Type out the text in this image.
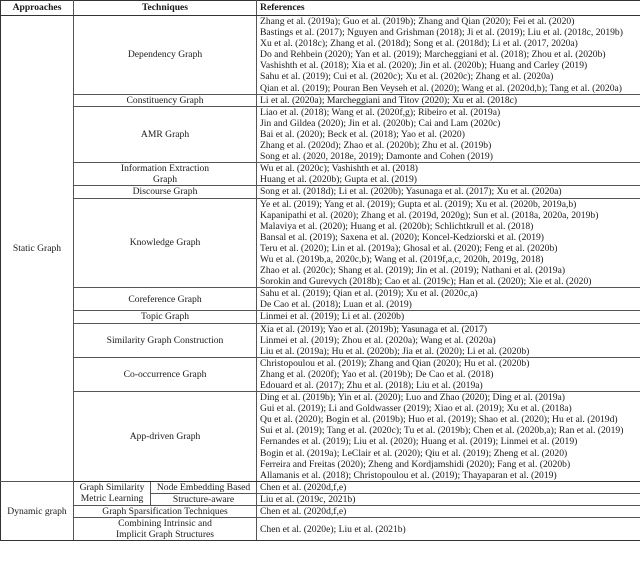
Approaches	Techniques		References
Static Graph	Dependency Graph	
Zhang et al. (2019a); Guo et al. (2019b); Zhang and Qian (2020); Fei et al. (2020)
Bastings et al. (2017); Nguyen and Grishman (2018); Ji et al. (2019); Liu et al. (2018c, 2019b)
Xu et al. (2018c); Zhang et al. (2018d); Song et al. (2018d); Li et al. (2017, 2020a)
Do and Rehbein (2020); Yan et al. (2019); Marcheggiani et al. (2018); Zhou et al. (2020b)
Vashishth et al. (2018); Xia et al. (2020); Jin et al. (2020b); Huang and Carley (2019)
Sahu et al. (2019); Cui et al. (2020c); Xu et al. (2020c); Zhang et al. (2020a)
Qian et al. (2019); Pouran Ben Veyseh et al. (2020); Wang et al. (2020d,b); Tang et al. (2020a)

	Constituency Graph		Li et al. (2020a); Marcheggiani and Titov (2020); Xu et al. (2018c)

	AMR Graph		Liao et al. (2018); Wang et al. (2020f,g); Ribeiro et al. (2019a)
Jin and Gildea (2020); Jin et al. (2020b); Cai and Lam (2020c)
Bai et al. (2020); Beck et al. (2018); Yao et al. (2020)
Zhang et al. (2020d); Zhao et al. (2020b); Zhu et al. (2019b)
Song et al. (2020, 2018e, 2019); Damonte and Cohen (2019)

	Information Extraction
Graph		Wu et al. (2020c); Vashishth et al. (2018)
Huang et al. (2020b); Gupta et al. (2019)

	Discourse Graph		Song et al. (2018d); Li et al. (2020b); Yasunaga et al. (2017); Xu et al. (2020a)

Knowledge Graph	
Ye et al. (2019); Yang et al. (2019); Gupta et al. (2019); Xu et al. (2020b, 2019a,b)
Kapanipathi et al. (2020); Zhang et al. (2019d, 2020g); Sun et al. (2018a, 2020a, 2019b)
Malaviya et al. (2020); Huang et al. (2020b); Schlichtkrull et al. (2018)
Bansal et al. (2019); Saxena et al. (2020); Koncel-Kedziorski et al. (2019)
Teru et al. (2020); Lin et al. (2019a); Ghosal et al. (2020); Feng et al. (2020b)
Wu et al. (2019b,a, 2020c,b); Wang et al. (2019f,a,c, 2020h, 2019g, 2018)
Zhao et al. (2020c); Shang et al. (2019); Jin et al. (2019); Nathani et al. (2019a)
Sorokin and Gurevych (2018b); Cao et al. (2019c); Han et al. (2020); Xie et al. (2020)

	Coreference Graph		Sahu et al. (2019); Qian et al. (2019); Xu et al. (2020c,a)
De Cao et al. (2018); Luan et al. (2019)

	Topic Graph		Linmei et al. (2019); Li et al. (2020b)

	Similarity Graph Construction		Xia et al. (2019); Yao et al. (2019b); Yasunaga et al. (2017)
Linmei et al. (2019); Zhou et al. (2020a); Wang et al. (2020a)
Liu et al. (2019a); Hu et al. (2020b); Jia et al. (2020); Li et al. (2020b)

	Co-occurrence Graph		Christopoulou et al. (2019); Zhang and Qian (2020); Hu et al. (2020b)
Zhang et al. (2020f); Yao et al. (2019b); De Cao et al. (2018)
Edouard et al. (2017); Zhu et al. (2018); Liu et al. (2019a)

App-driven Graph	
Ding et al. (2019b); Yin et al. (2020); Luo and Zhao (2020); Ding et al. (2019a)
Gui et al. (2019); Li and Goldwasser (2019); Xiao et al. (2019); Xu et al. (2018a)
Qu et al. (2020); Bogin et al. (2019b); Huo et al. (2019); Shao et al. (2020); Hu et al. (2019d)
Sui et al. (2019); Tang et al. (2020c); Tu et al. (2019b); Chen et al. (2020b,a); Ran et al. (2019)
Fernandes et al. (2019); Liu et al. (2020); Huang et al. (2019); Linmei et al. (2019)
Bogin et al. (2019a); LeClair et al. (2020); Qiu et al. (2019); Zheng et al. (2020)
Ferreira and Freitas (2020); Zheng and Kordjamshidi (2020); Fang et al. (2020b)
Allamanis et al. (2018); Christopoulou et al. (2019); Thayaparan et al. (2019)

Dynamic graph	Graph Similarity
Metric Learning	Node Embedding Based	Chen et al. (2020d,f,e)

		Structure-aware	Liu et al. (2019c, 2021b)

	Graph Sparsification Techniques		Chen et al. (2020d,f,e)

	Combining Intrinsic and
Implicit Graph Structures		Chen et al. (2020e); Liu et al. (2021b)
